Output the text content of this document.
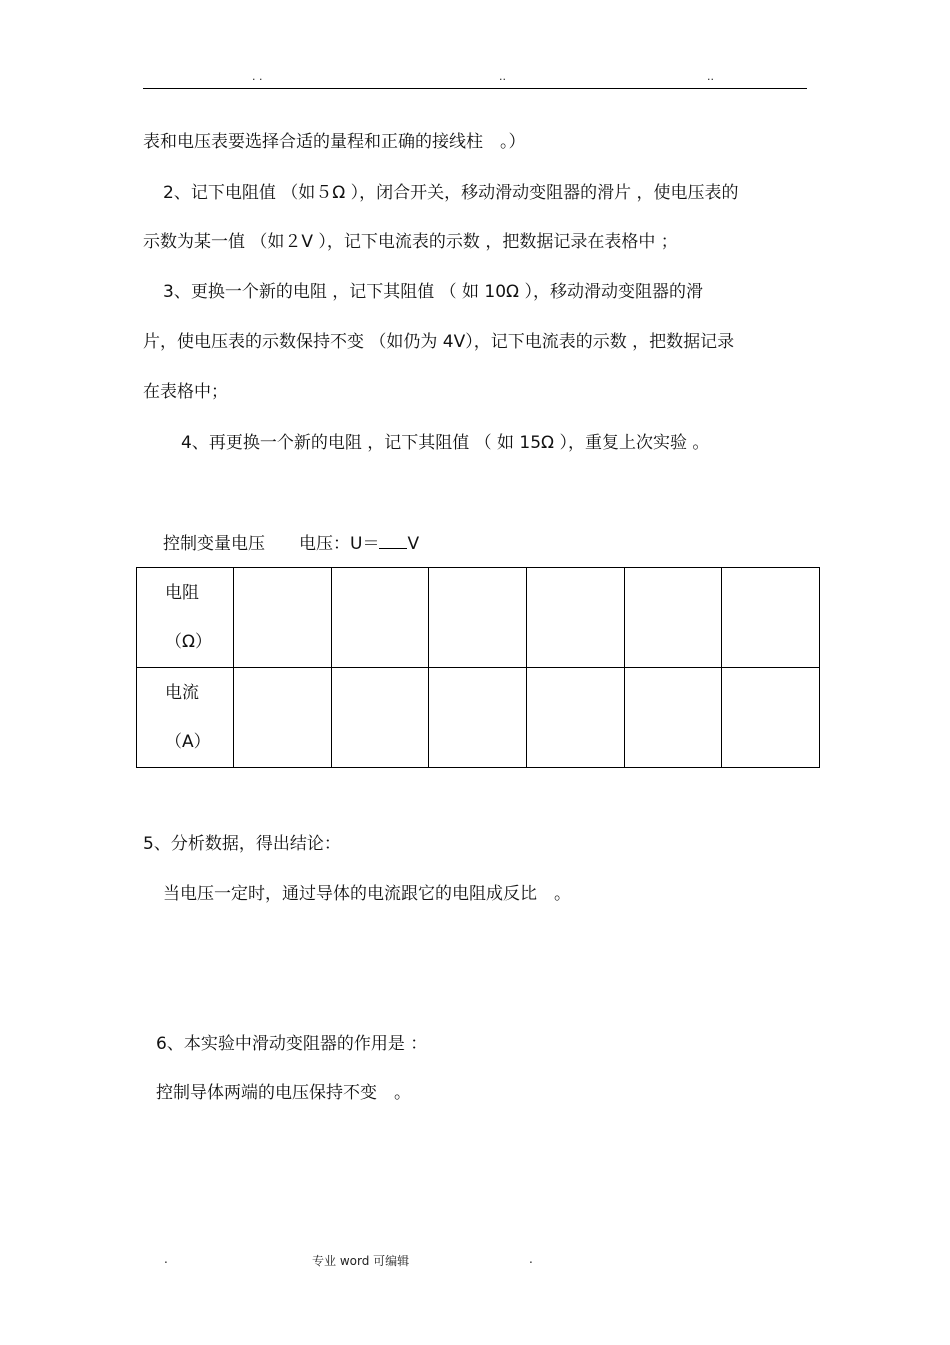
. .	..	..
表和电压表要选择合适的量程和正确的接线柱　。）
2、记下电阻值 （如５Ω ），闭合开关，移动滑动变阻器的滑片 ，使电压表的
示数为某一值 （如２V ），记下电流表的示数 ，把数据记录在表格中 ；
3、更换一个新的电阻 ，记下其阻值 （ 如 10Ω ），移动滑动变阻器的滑
片，使电压表的示数保持不变 （如仍为 4V），记下电流表的示数 ，把数据记录
在表格中；
4、再更换一个新的电阻 ，记下其阻值 （ 如 15Ω ），重复上次实验 。
控制变量电压　　电压：U＝ V
电阻
（Ω）						

电流
（A）						

5、分析数据，得出结论：
当电压一定时，通过导体的电流跟它的电阻成反比　。
6、本实验中滑动变阻器的作用是 ：
控制导体两端的电压保持不变　。
.	专业 word 可编辑	.
